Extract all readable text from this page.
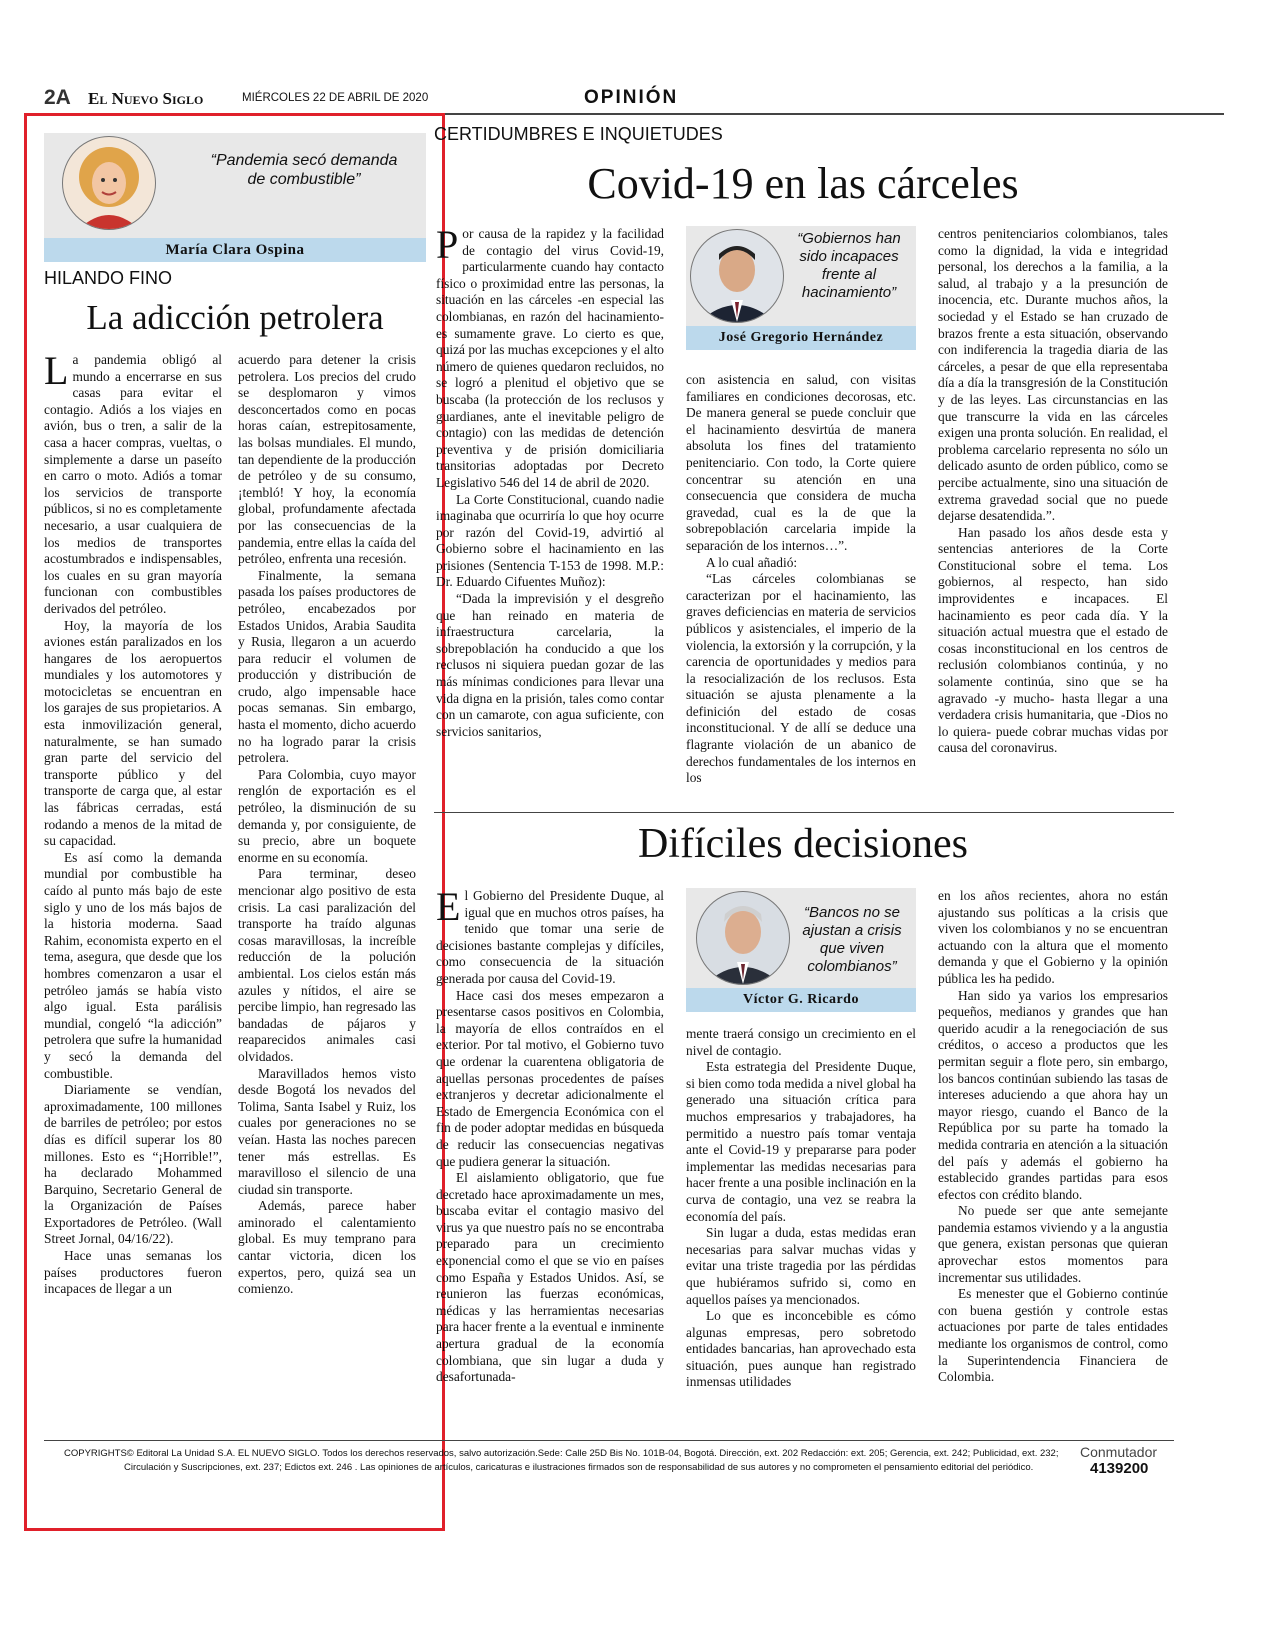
2A El Nuevo Siglo	MIÉRCOLES 22 DE ABRIL DE 2020	OPINIÓN
“Pandemia secó demanda de combustible”
María Clara Ospina
HILANDO FINO
La adicción petrolera

La pandemia obligó al mundo a encerrarse en sus casas para evitar el contagio. Adiós a los viajes en avión, bus o tren, a salir de la casa a hacer compras, vueltas, o simplemente a darse un paseíto en carro o moto. Adiós a tomar los servicios de transporte públicos, si no es completamente necesario, a usar cualquiera de los medios de transportes acostumbrados e indispensables, los cuales en su gran mayoría funcionan con combustibles derivados del petróleo.

Hoy, la mayoría de los aviones están paralizados en los hangares de los aeropuertos mundiales y los automotores y motocicletas se encuentran en los garajes de sus propietarios. A esta inmovilización general, naturalmente, se han sumado gran parte del servicio del transporte público y del transporte de carga que, al estar las fábricas cerradas, está rodando a menos de la mitad de su capacidad.

Es así como la demanda mundial por combustible ha caído al punto más bajo de este siglo y uno de los más bajos de la historia moderna. Saad Rahim, economista experto en el tema, asegura, que desde que los hombres comenzaron a usar el petróleo jamás se había visto algo igual. Esta parálisis mundial, congeló “la adicción” petrolera que sufre la humanidad y secó la demanda del combustible.

Diariamente se vendían, aproximadamente, 100 millones de barriles de petróleo; por estos días es difícil superar los 80 millones. Esto es “¡Horrible!”, ha declarado Mohammed Barquino, Secretario General de la Organización de Países Exportadores de Petróleo. (Wall Street Jornal, 04/16/22).

Hace unas semanas los países productores fueron incapaces de llegar a un

acuerdo para detener la crisis petrolera. Los precios del crudo se desplomaron y vimos desconcertados como en pocas horas caían, estrepitosamente, las bolsas mundiales. El mundo, tan dependiente de la producción de petróleo y de su consumo, ¡tembló! Y hoy, la economía global, profundamente afectada por las consecuencias de la pandemia, entre ellas la caída del petróleo, enfrenta una recesión.

Finalmente, la semana pasada los países productores de petróleo, encabezados por Estados Unidos, Arabia Saudita y Rusia, llegaron a un acuerdo para reducir el volumen de producción y distribución de crudo, algo impensable hace pocas semanas. Sin embargo, hasta el momento, dicho acuerdo no ha logrado parar la crisis petrolera.

Para Colombia, cuyo mayor renglón de exportación es el petróleo, la disminución de su demanda y, por consiguiente, de su precio, abre un boquete enorme en su economía.

Para terminar, deseo mencionar algo positivo de esta crisis. La casi paralización del transporte ha traído algunas cosas maravillosas, la increíble reducción de la polución ambiental. Los cielos están más azules y nítidos, el aire se percibe limpio, han regresado las bandadas de pájaros y reaparecidos animales casi olvidados.

Maravillados hemos visto desde Bogotá los nevados del Tolima, Santa Isabel y Ruiz, los cuales por generaciones no se veían. Hasta las noches parecen tener más estrellas. Es maravilloso el silencio de una ciudad sin transporte.

Además, parece haber aminorado el calentamiento global. Es muy temprano para cantar victoria, dicen los expertos, pero, quizá sea un comienzo.

CERTIDUMBRES E INQUIETUDES
Covid-19 en las cárceles

Por causa de la rapidez y la facilidad de contagio del virus Covid-19, particularmente cuando hay contacto físico o proximidad entre las personas, la situación en las cárceles -en especial las colombianas, en razón del hacinamiento- es sumamente grave. Lo cierto es que, quizá por las muchas excepciones y el alto número de quienes quedaron recluidos, no se logró a plenitud el objetivo que se buscaba (la protección de los reclusos y guardianes, ante el inevitable peligro de contagio) con las medidas de detención preventiva y de prisión domiciliaria transitorias adoptadas por Decreto Legislativo 546 del 14 de abril de 2020.

La Corte Constitucional, cuando nadie imaginaba que ocurriría lo que hoy ocurre por razón del Covid-19, advirtió al Gobierno sobre el hacinamiento en las prisiones (Sentencia T-153 de 1998. M.P.: Dr. Eduardo Cifuentes Muñoz):

“Dada la imprevisión y el desgreño que han reinado en materia de infraestructura carcelaria, la sobrepoblación ha conducido a que los reclusos ni siquiera puedan gozar de las más mínimas condiciones para llevar una vida digna en la prisión, tales como contar con un camarote, con agua suficiente, con servicios sanitarios,

“Gobiernos han sido incapaces frente al hacinamiento”
José Gregorio Hernández

con asistencia en salud, con visitas familiares en condiciones decorosas, etc. De manera general se puede concluir que el hacinamiento desvirtúa de manera absoluta los fines del tratamiento penitenciario. Con todo, la Corte quiere concentrar su atención en una consecuencia que considera de mucha gravedad, cual es la de que la sobrepoblación carcelaria impide la separación de los internos…”.

A lo cual añadió:

“Las cárceles colombianas se caracterizan por el hacinamiento, las graves deficiencias en materia de servicios públicos y asistenciales, el imperio de la violencia, la extorsión y la corrupción, y la carencia de oportunidades y medios para la resocialización de los reclusos. Esta situación se ajusta plenamente a la definición del estado de cosas inconstitucional. Y de allí se deduce una flagrante violación de un abanico de derechos fundamentales de los internos en los

centros penitenciarios colombianos, tales como la dignidad, la vida e integridad personal, los derechos a la familia, a la salud, al trabajo y a la presunción de inocencia, etc. Durante muchos años, la sociedad y el Estado se han cruzado de brazos frente a esta situación, observando con indiferencia la tragedia diaria de las cárceles, a pesar de que ella representaba día a día la transgresión de la Constitución y de las leyes. Las circunstancias en las que transcurre la vida en las cárceles exigen una pronta solución. En realidad, el problema carcelario representa no sólo un delicado asunto de orden público, como se percibe actualmente, sino una situación de extrema gravedad social que no puede dejarse desatendida.”.

Han pasado los años desde esta y sentencias anteriores de la Corte Constitucional sobre el tema. Los gobiernos, al respecto, han sido improvidentes e incapaces. El hacinamiento es peor cada día. Y la situación actual muestra que el estado de cosas inconstitucional en los centros de reclusión colombianos continúa, y no solamente continúa, sino que se ha agravado -y mucho- hasta llegar a una verdadera crisis humanitaria, que -Dios no lo quiera- puede cobrar muchas vidas por causa del coronavirus.

Difíciles decisiones

El Gobierno del Presidente Duque, al igual que en muchos otros países, ha tenido que tomar una serie de decisiones bastante complejas y difíciles, como consecuencia de la situación generada por causa del Covid-19.

Hace casi dos meses empezaron a presentarse casos positivos en Colombia, la mayoría de ellos contraídos en el exterior. Por tal motivo, el Gobierno tuvo que ordenar la cuarentena obligatoria de aquellas personas procedentes de países extranjeros y decretar adicionalmente el Estado de Emergencia Económica con el fin de poder adoptar medidas en búsqueda de reducir las consecuencias negativas que pudiera generar la situación.

El aislamiento obligatorio, que fue decretado hace aproximadamente un mes, buscaba evitar el contagio masivo del virus ya que nuestro país no se encontraba preparado para un crecimiento exponencial como el que se vio en países como España y Estados Unidos. Así, se reunieron las fuerzas económicas, médicas y las herramientas necesarias para hacer frente a la eventual e inminente apertura gradual de la economía colombiana, que sin lugar a duda y desafortunada-

“Bancos no se ajustan a crisis que viven colombianos”
Víctor G. Ricardo

mente traerá consigo un crecimiento en el nivel de contagio.

Esta estrategia del Presidente Duque, si bien como toda medida a nivel global ha generado una situación crítica para muchos empresarios y trabajadores, ha permitido a nuestro país tomar ventaja ante el Covid-19 y prepararse para poder implementar las medidas necesarias para hacer frente a una posible inclinación en la curva de contagio, una vez se reabra la economía del país.

Sin lugar a duda, estas medidas eran necesarias para salvar muchas vidas y evitar una triste tragedia por las pérdidas que hubiéramos sufrido si, como en aquellos países ya mencionados.

Lo que es inconcebible es cómo algunas empresas, pero sobretodo entidades bancarias, han aprovechado esta situación, pues aunque han registrado inmensas utilidades

en los años recientes, ahora no están ajustando sus políticas a la crisis que viven los colombianos y no se encuentran actuando con la altura que el momento demanda y que el Gobierno y la opinión pública les ha pedido.

Han sido ya varios los empresarios pequeños, medianos y grandes que han querido acudir a la renegociación de sus créditos, o acceso a productos que les permitan seguir a flote pero, sin embargo, los bancos continúan subiendo las tasas de intereses aduciendo a que ahora hay un mayor riesgo, cuando el Banco de la República por su parte ha tomado la medida contraria en atención a la situación del país y además el gobierno ha establecido grandes partidas para esos efectos con crédito blando.

No puede ser que ante semejante pandemia estamos viviendo y a la angustia que genera, existan personas que quieran aprovechar estos momentos para incrementar sus utilidades.

Es menester que el Gobierno continúe con buena gestión y controle estas actuaciones por parte de tales entidades mediante los organismos de control, como la Superintendencia Financiera de Colombia.

COPYRIGHTS© Editoral La Unidad S.A. EL NUEVO SIGLO. Todos los derechos reservados, salvo autorización.Sede: Calle 25D Bis No. 101B-04, Bogotá. Dirección, ext. 202 Redacción: ext. 205; Gerencia, ext. 242; Publicidad, ext. 232;
Circulación y Suscripciones, ext. 237; Edictos ext. 246 . Las opiniones de artículos, caricaturas e ilustraciones firmados son de responsabilidad de sus autores y no comprometen el pensamiento editorial del periódico.
Conmutador
4139200
